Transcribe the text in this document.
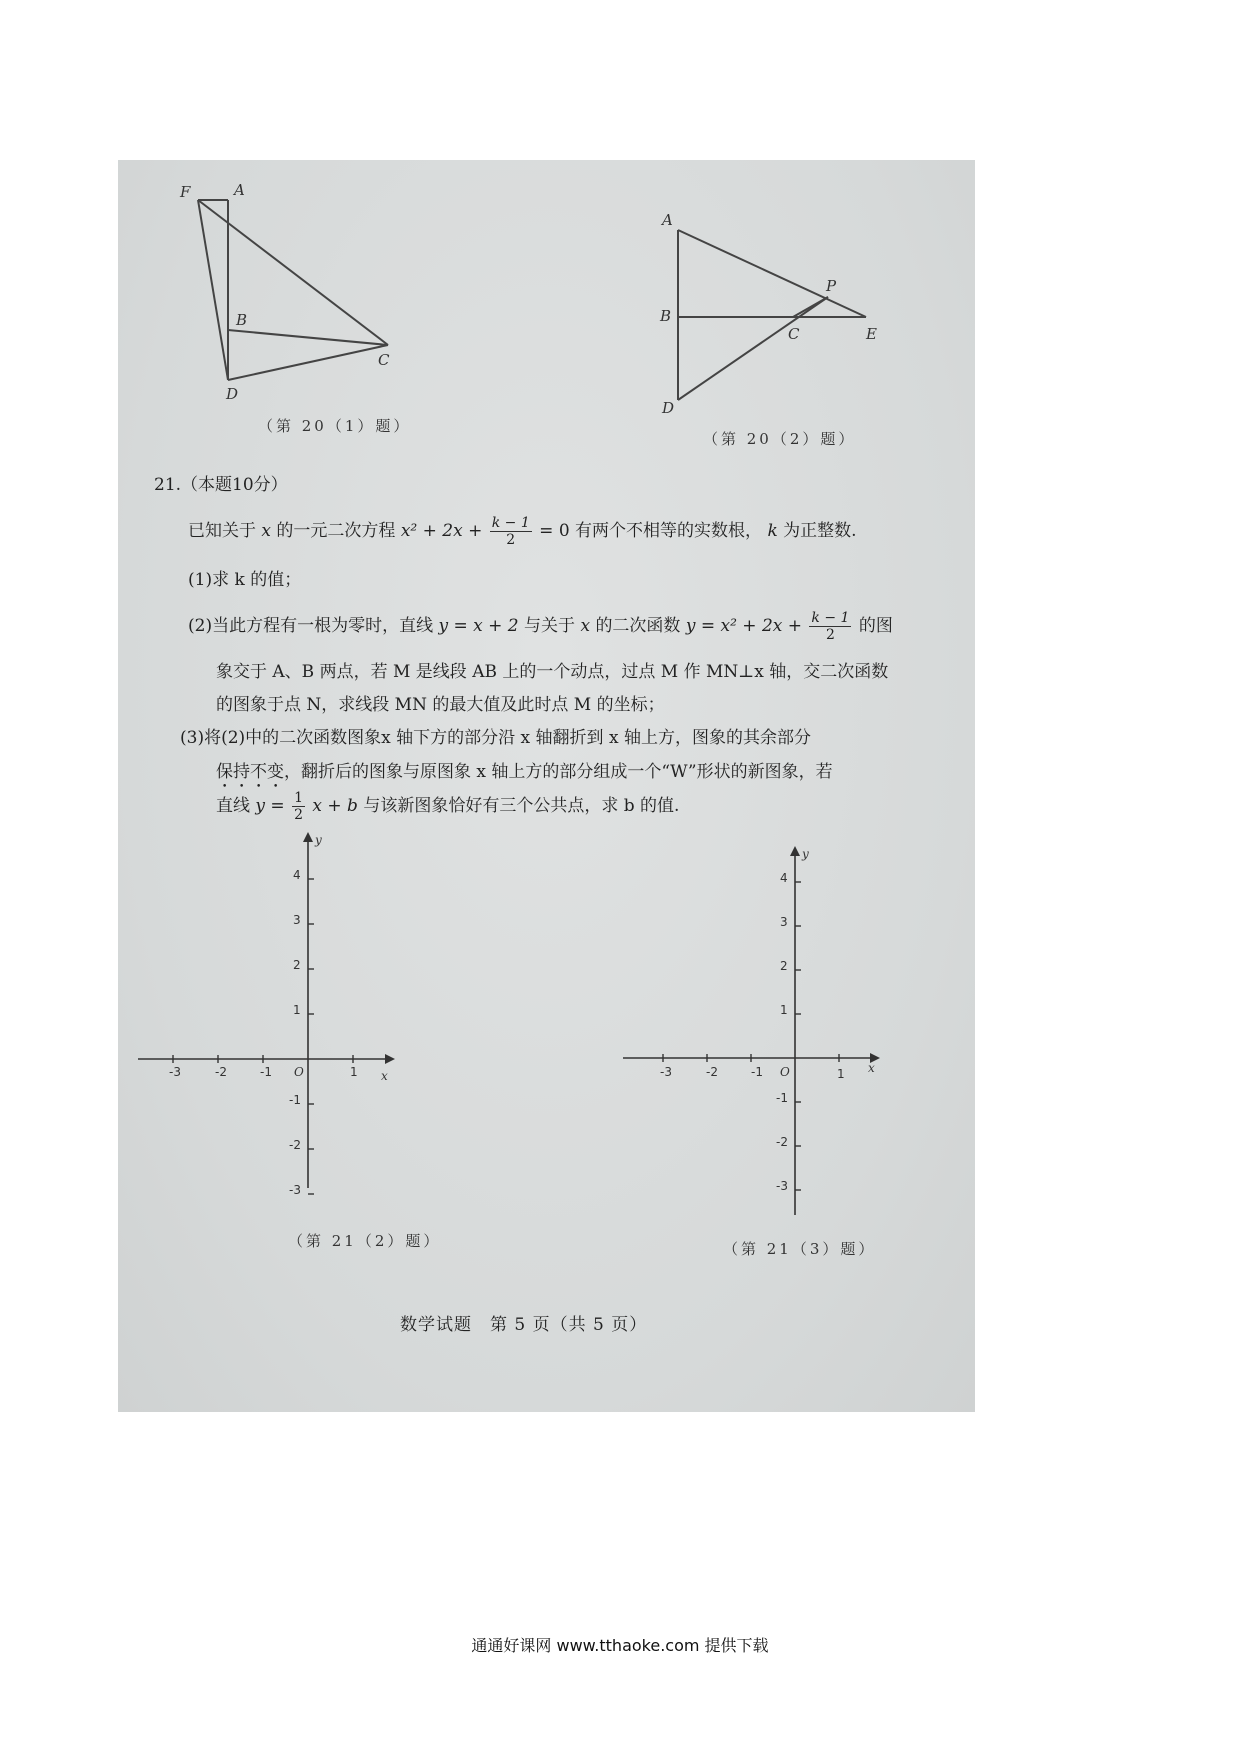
F	A
B
C
D
（第 20（1）题）
A
B
P
C	E
D
（第 20（2）题）
21.（本题10分）
已知关于 x 的一元二次方程 $x^2 + 2x + \frac{k - 1}{2} = 0$ 有两个不相等的实数根， k 为正整数.
(1)求 k 的值；
(2)当此方程有一根为零时，直线 y = x + 2 与关于 x 的二次函数 $y = x^2 + 2x + \frac{k - 1}{2}$ 的图
象交于 A、B 两点，若 M 是线段 AB 上的一个动点，过点 M 作 MN⊥x 轴，交二次函数
的图象于点 N，求线段 MN 的最大值及此时点 M 的坐标；
(3)将(2)中的二次函数图象x 轴下方的部分沿 x 轴翻折到 x 轴上方，图象的其余部分
保持不变，翻折后的图象与原图象 x 轴上方的部分组成一个“W”形状的新图象，若
直线 $y = \frac{1}{2}$ x + b 与该新图象恰好有三个公共点，求 b 的值.
y
x
O
-3	-2	-1	1
4
3
2
1
-1
-2
-3
（第 21（2）题）
y
x
O
-3	-2	-1	1
4
3
2
1
-1
-2
-3
（第 21（3）题）
数学试题　第 5 页（共 5 页）
通通好课网 www.tthaoke.com 提供下载
